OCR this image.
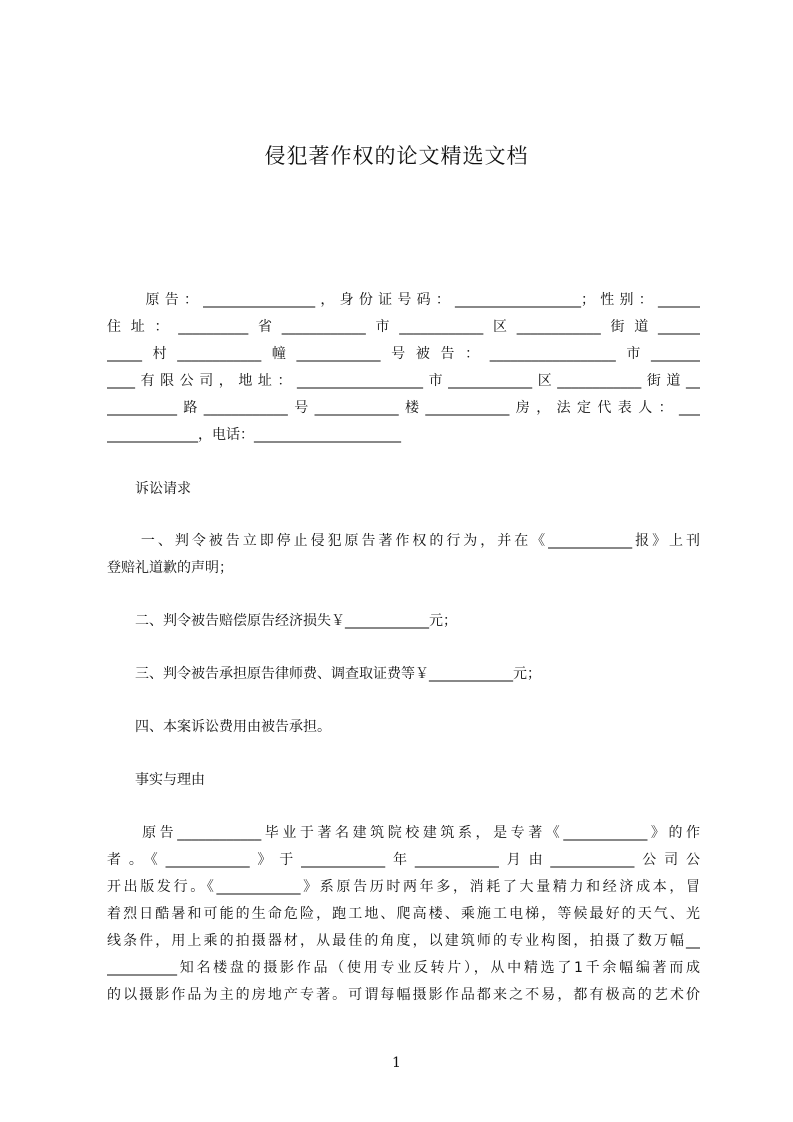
侵犯著作权的论文精选文档
　　原告：________________，身份证号码：__________________；性别：______
住址：__________省____________市____________区____________街道______
_____村____________幢____________号被告：__________________市_______
____有限公司，地址：__________________市____________区____________街道__
__________路____________号____________楼____________房，法定代表人：___
_____________，电话：_____________________
　　诉讼请求
　　一、判令被告立即停止侵犯原告著作权的行为，并在《____________报》上刊
登赔礼道歉的声明；
　　二、判令被告赔偿原告经济损失￥____________元；
　　三、判令被告承担原告律师费、调查取证费等￥____________元；
　　四、本案诉讼费用由被告承担。
　　事实与理由
　　原告____________毕业于著名建筑院校建筑系，是专著《____________》的作
者。《____________》于____________年____________月由____________公司公
开出版发行。《____________》系原告历时两年多，消耗了大量精力和经济成本，冒
着烈日酷暑和可能的生命危险，跑工地、爬高楼、乘施工电梯，等候最好的天气、光
线条件，用上乘的拍摄器材，从最佳的角度，以建筑师的专业构图，拍摄了数万幅__
__________知名楼盘的摄影作品（使用专业反转片），从中精选了1千余幅编著而成
的以摄影作品为主的房地产专著。可谓每幅摄影作品都来之不易，都有极高的艺术价
1
